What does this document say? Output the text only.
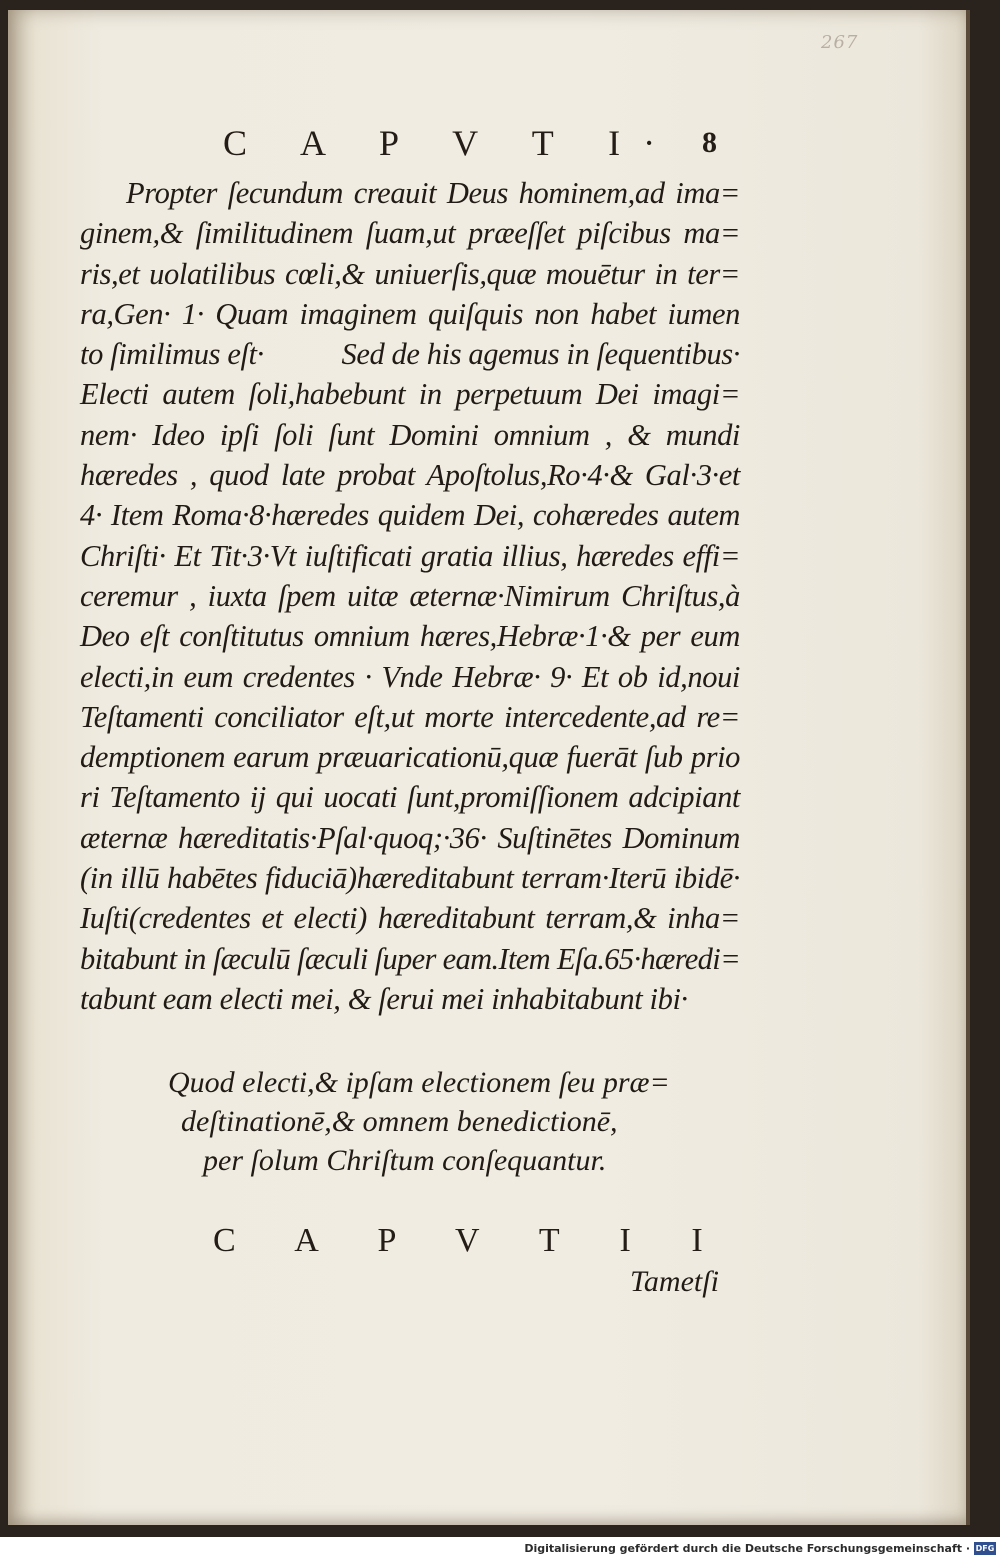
267
C A P V T I· 8
Propter ſecundum creauit Deus hominem,ad ima=
ginem,& ſimilitudinem ſuam,ut præeſſet piſcibus ma=
ris,et uolatilibus cœli,& uniuerſis,quæ mouētur in ter=
ra,Gen· 1· Quam imaginem quiſquis non habet iumen
to ſimilimus eſt·	Sed de his agemus in ſequentibus·
Electi autem ſoli,habebunt in perpetuum Dei imagi=
nem· Ideo ipſi ſoli ſunt Domini omnium , & mundi
hæredes , quod late probat Apoſtolus,Ro·4·& Gal·3·et
4· Item Roma·8·hæredes quidem Dei, cohæredes autem
Chriſti· Et Tit·3·Vt iuſtificati gratia illius, hæredes effi=
ceremur , iuxta ſpem uitæ æternæ·Nimirum Chriſtus,à
Deo eſt conſtitutus omnium hæres,Hebræ·1·& per eum
electi,in eum credentes · Vnde Hebræ· 9· Et ob id,noui
Teſtamenti conciliator eſt,ut morte intercedente,ad re=
demptionem earum præuaricationū,quæ fuerāt ſub prio
ri Teſtamento ij qui uocati ſunt,promiſſionem adcipiant
æternæ hæreditatis·Pſal·quoq;·36· Suſtinētes Dominum
(in illū habētes fiduciā)hæreditabunt terram·Iterū ibidē·
Iuſti(credentes et electi) hæreditabunt terram,& inha=
bitabunt in ſæculū ſæculi ſuper eam.Item Eſa.65·hæredi=
tabunt eam electi mei, & ſerui mei inhabitabunt ibi·
Quod electi,& ipſam electionem ſeu præ=
deſtinationē,& omnem benedictionē,
per ſolum Chriſtum conſequantur.
C A P V T I I
Tametſi
Digitalisierung gefördert durch die Deutsche Forschungsgemeinschaft · DFG
